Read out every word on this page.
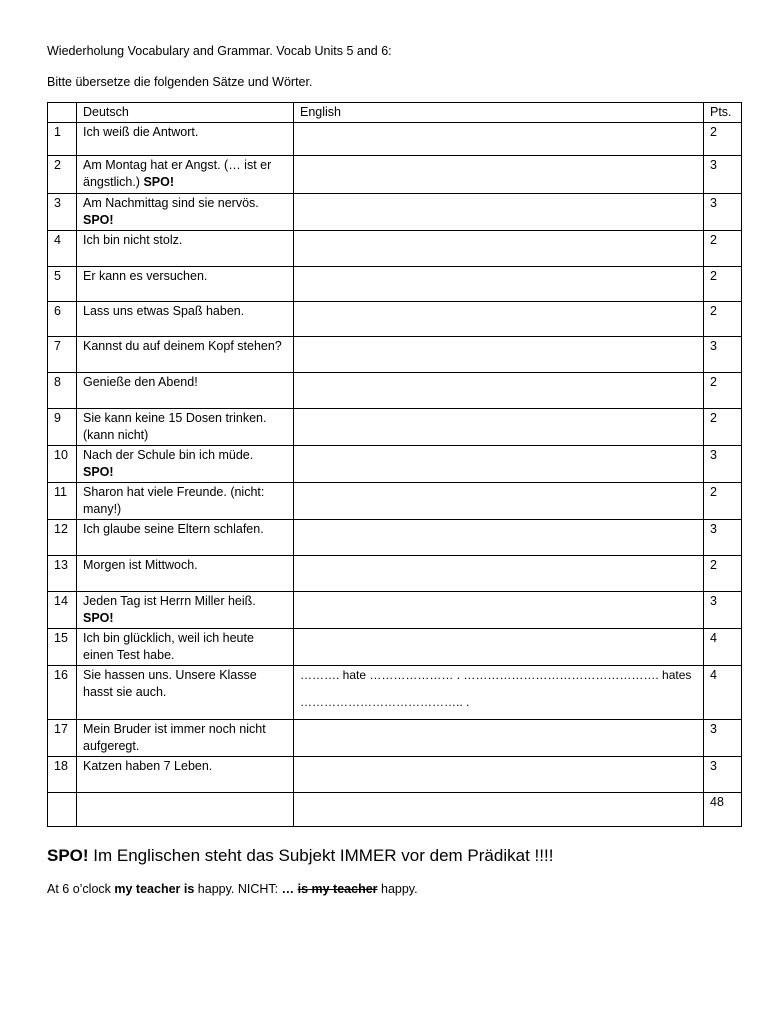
Wiederholung Vocabulary and Grammar. Vocab Units 5 and 6:
Bitte übersetze die folgenden Sätze und Wörter.
	Deutsch	English	Pts.
1	Ich weiß die Antwort.		2
2	Am Montag hat er Angst. (… ist er ängstlich.) SPO!		3
3	Am Nachmittag sind sie nervös. SPO!		3
4	Ich bin nicht stolz.		2
5	Er kann es versuchen.		2
6	Lass uns etwas Spaß haben.		2
7	Kannst du auf deinem Kopf stehen?		3
8	Genieße den Abend!		2
9	Sie kann keine 15 Dosen trinken. (kann nicht)		2
10	Nach der Schule bin ich müde. SPO!		3
11	Sharon hat viele Freunde. (nicht: many!)		2
12	Ich glaube seine Eltern schlafen.		3
13	Morgen ist Mittwoch.		2
14	Jeden Tag ist Herrn Miller heiß. SPO!		3
15	Ich bin glücklich, weil ich heute einen Test habe.		4
16	Sie hassen uns. Unsere Klasse hasst sie auch.	………. hate ………………… . …………………………………………. hates
………………………………….. .	4
17	Mein Bruder ist immer noch nicht aufgeregt.		3
18	Katzen haben 7 Leben.		3
			48
SPO! Im Englischen steht das Subjekt IMMER vor dem Prädikat !!!!
At 6 o’clock my teacher is happy. NICHT: … is my teacher happy.
